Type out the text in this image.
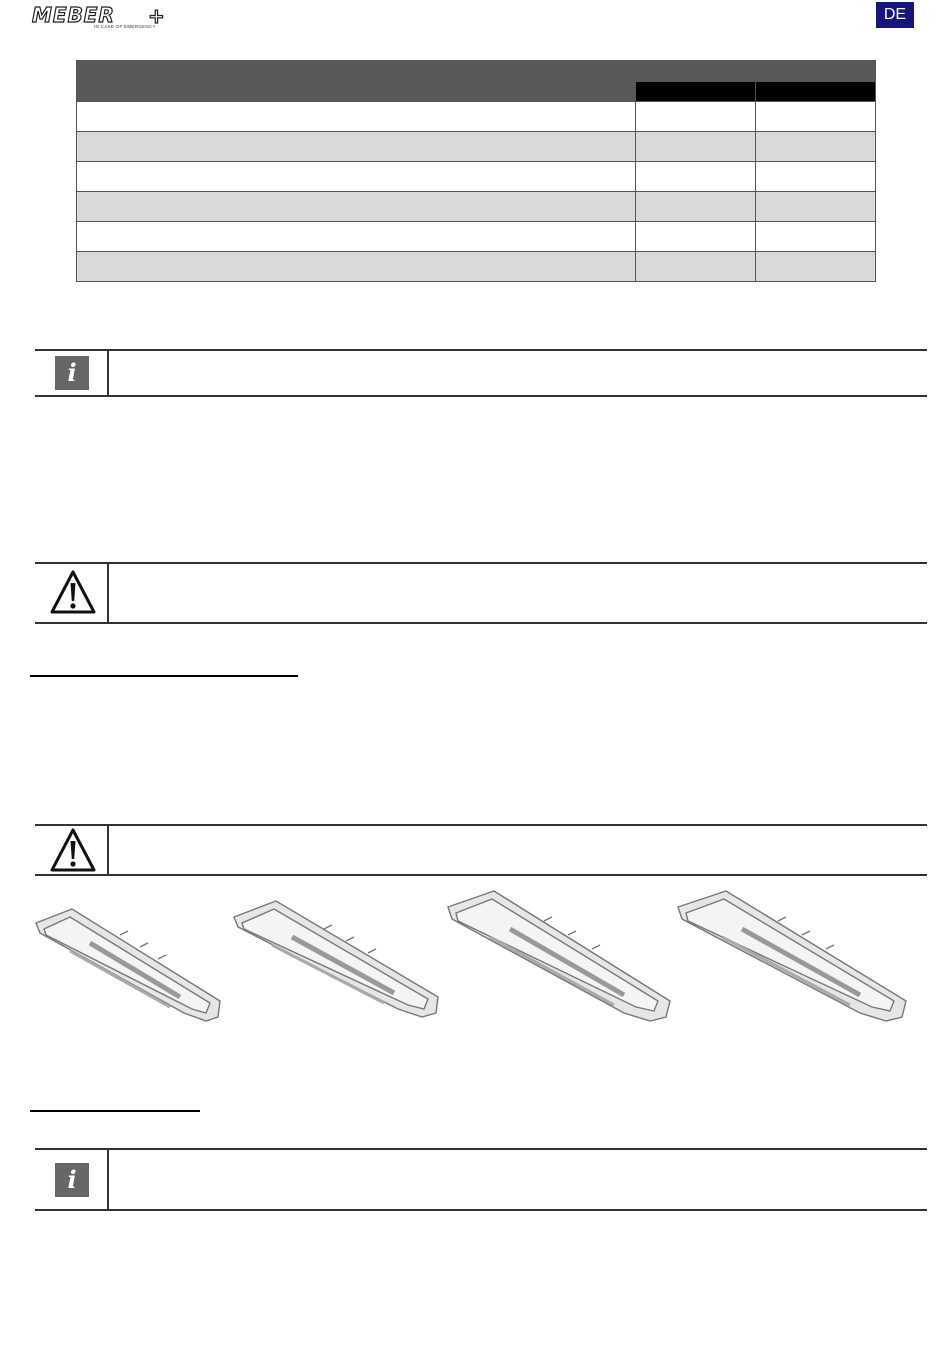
MEBER +
IN CASE OF EMERGENCY
DE

i
i
